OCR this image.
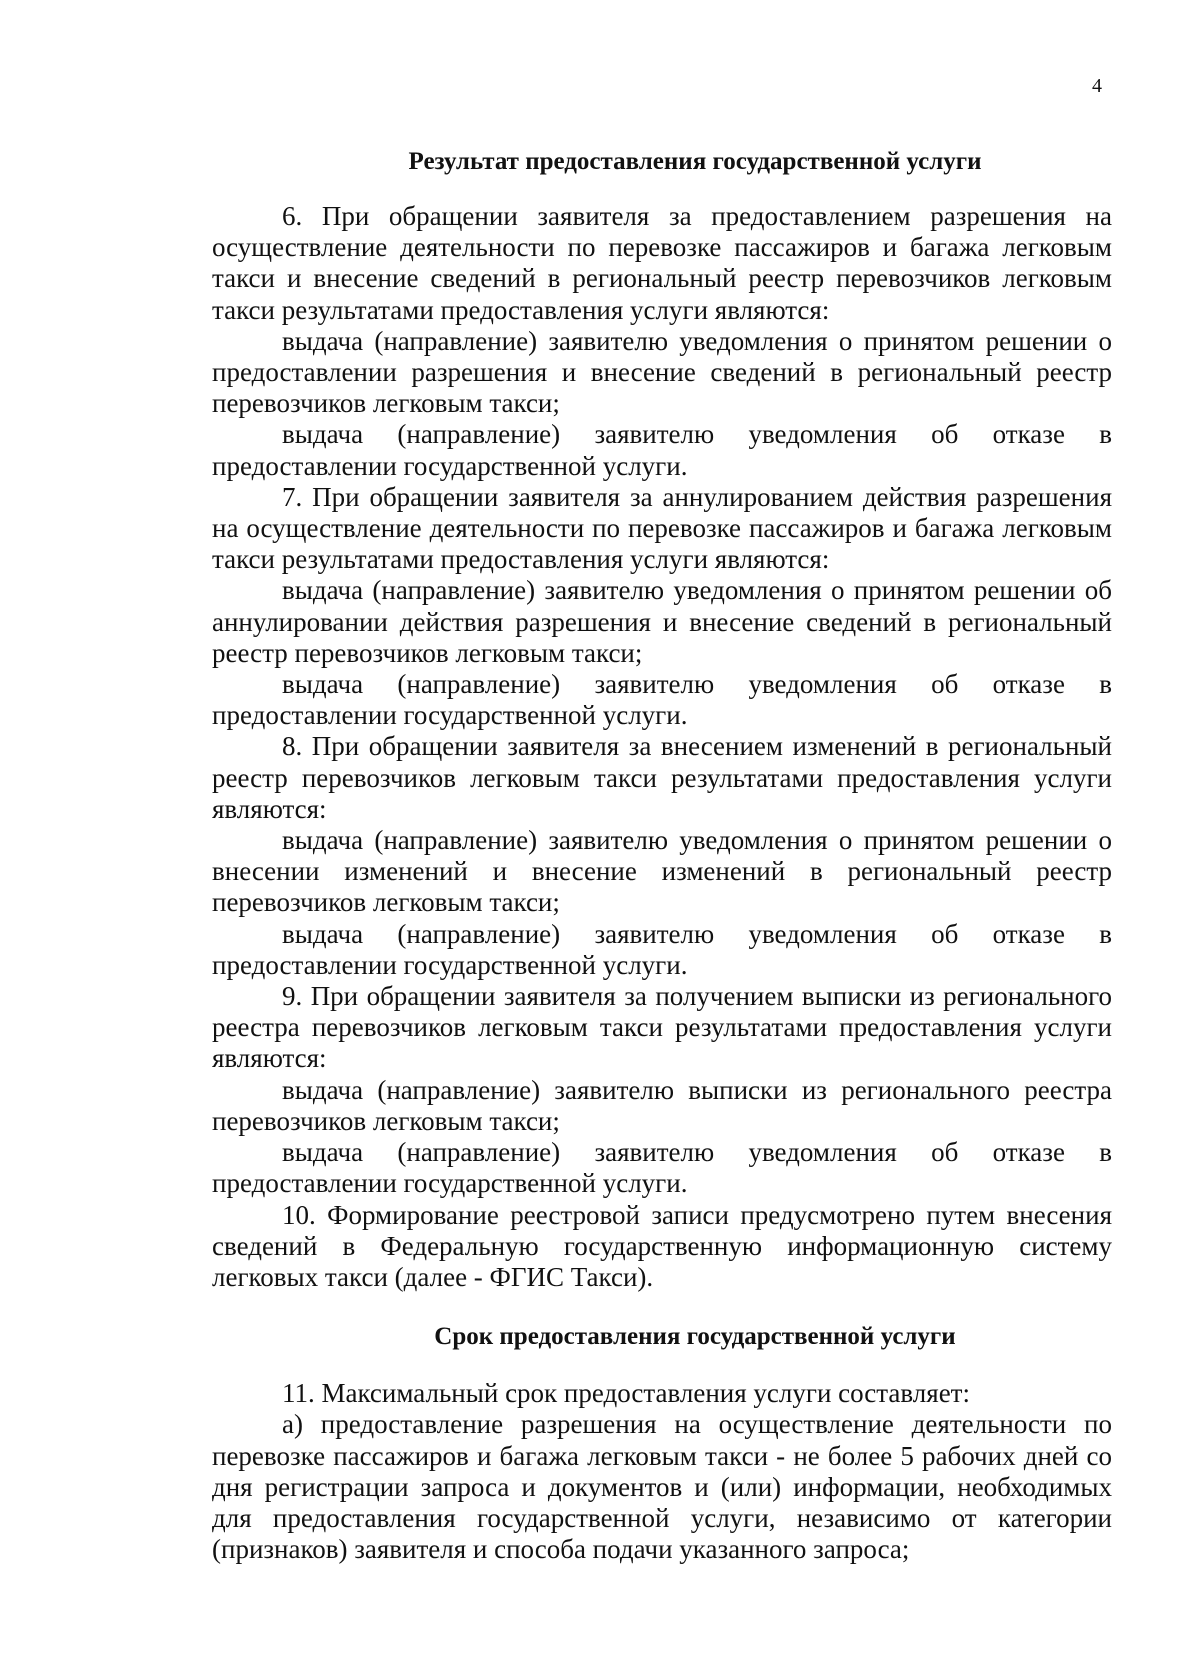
4
Результат предоставления государственной услуги

6. При обращении заявителя за предоставлением разрешения на осуществление деятельности по перевозке пассажиров и багажа легковым такси и внесение сведений в региональный реестр перевозчиков легковым такси результатами предоставления услуги являются:

выдача (направление) заявителю уведомления о принятом решении о предоставлении разрешения и внесение сведений в региональный реестр перевозчиков легковым такси;

выдача (направление) заявителю уведомления об отказе в предоставлении государственной услуги.

7. При обращении заявителя за аннулированием действия разрешения на осуществление деятельности по перевозке пассажиров и багажа легковым такси результатами предоставления услуги являются:

выдача (направление) заявителю уведомления о принятом решении об аннулировании действия разрешения и внесение сведений в региональный реестр перевозчиков легковым такси;

выдача (направление) заявителю уведомления об отказе в предоставлении государственной услуги.

8. При обращении заявителя за внесением изменений в региональный реестр перевозчиков легковым такси результатами предоставления услуги являются:

выдача (направление) заявителю уведомления о принятом решении о внесении изменений и внесение изменений в региональный реестр перевозчиков легковым такси;

выдача (направление) заявителю уведомления об отказе в предоставлении государственной услуги.

9. При обращении заявителя за получением выписки из регионального реестра перевозчиков легковым такси результатами предоставления услуги являются:

выдача (направление) заявителю выписки из регионального реестра перевозчиков легковым такси;

выдача (направление) заявителю уведомления об отказе в предоставлении государственной услуги.

10. Формирование реестровой записи предусмотрено путем внесения сведений в Федеральную государственную информационную систему легковых такси (далее - ФГИС Такси).

Срок предоставления государственной услуги

11. Максимальный срок предоставления услуги составляет:

а) предоставление разрешения на осуществление деятельности по перевозке пассажиров и багажа легковым такси - не более 5 рабочих дней со дня регистрации запроса и документов и (или) информации, необходимых для предоставления государственной услуги, независимо от категории (признаков) заявителя и способа подачи указанного запроса;
